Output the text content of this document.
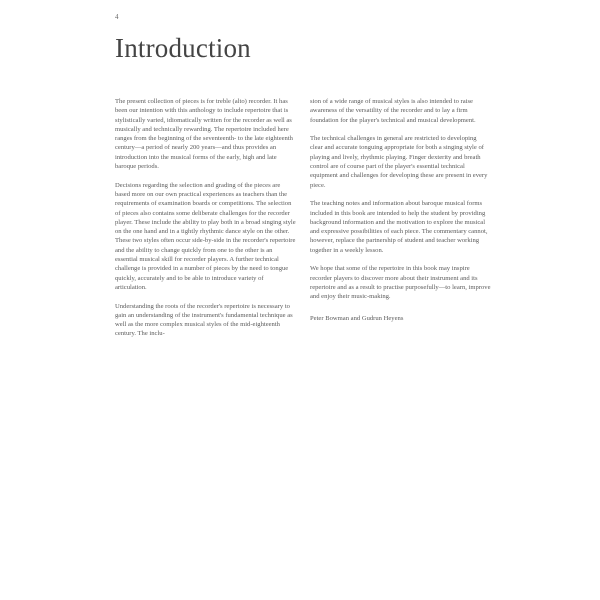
4
Introduction

The present collection of pieces is for treble (alto) recorder. It has been our intention with this anthology to include repertoire that is stylistically varied, idiomatically written for the recorder as well as musically and technically rewarding. The repertoire included here ranges from the beginning of the seventeenth- to the late eighteenth century—a period of nearly 200 years—and thus provides an introduction into the musical forms of the early, high and late baroque periods.

Decisions regarding the selection and grading of the pieces are based more on our own practical experiences as teachers than the requirements of examination boards or competitions. The selection of pieces also contains some deliberate challenges for the recorder player. These include the ability to play both in a broad singing style on the one hand and in a tightly rhythmic dance style on the other. These two styles often occur side-by-side in the recorder's repertoire and the ability to change quickly from one to the other is an essential musical skill for recorder players. A further technical challenge is provided in a number of pieces by the need to tongue quickly, accurately and to be able to introduce variety of articulation.

Understanding the roots of the recorder's repertoire is necessary to gain an understanding of the instrument's fundamental technique as well as the more complex musical styles of the mid-eighteenth century. The inclu-

sion of a wide range of musical styles is also intended to raise awareness of the versatility of the recorder and to lay a firm foundation for the player's technical and musical development.

The technical challenges in general are restricted to developing clear and accurate tonguing appropriate for both a singing style of playing and lively, rhythmic playing. Finger dexterity and breath control are of course part of the player's essential technical equipment and challenges for developing these are present in every piece.

The teaching notes and information about baroque musical forms included in this book are intended to help the student by providing background information and the motivation to explore the musical and expressive possibilities of each piece. The commentary cannot, however, replace the partnership of student and teacher working together in a weekly lesson.

We hope that some of the repertoire in this book may inspire recorder players to discover more about their instrument and its repertoire and as a result to practise purposefully—to learn, improve and enjoy their music-making.

Peter Bowman and Gudrun Heyens
